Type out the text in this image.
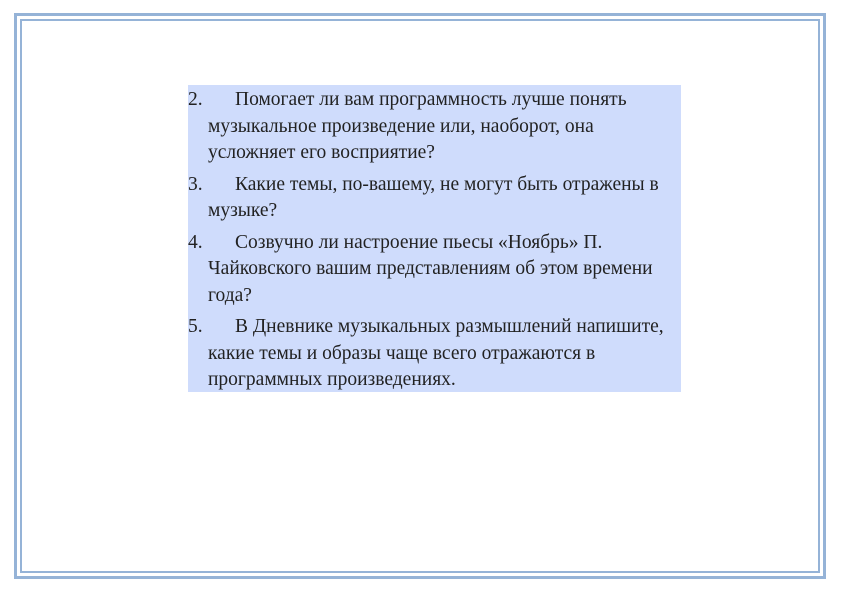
2.	Помогает ли вам программность лучше понять музыкальное произведение или, наоборот, она усложняет его восприятие?
3.	Какие темы, по-вашему, не могут быть отражены в музыке?
4.	Созвучно ли настроение пьесы «Ноябрь» П. Чайковского вашим представлениям об этом времени года?
5.	В Дневнике музыкальных размышлений напишите, какие темы и образы чаще всего отражаются в программных произведениях.
